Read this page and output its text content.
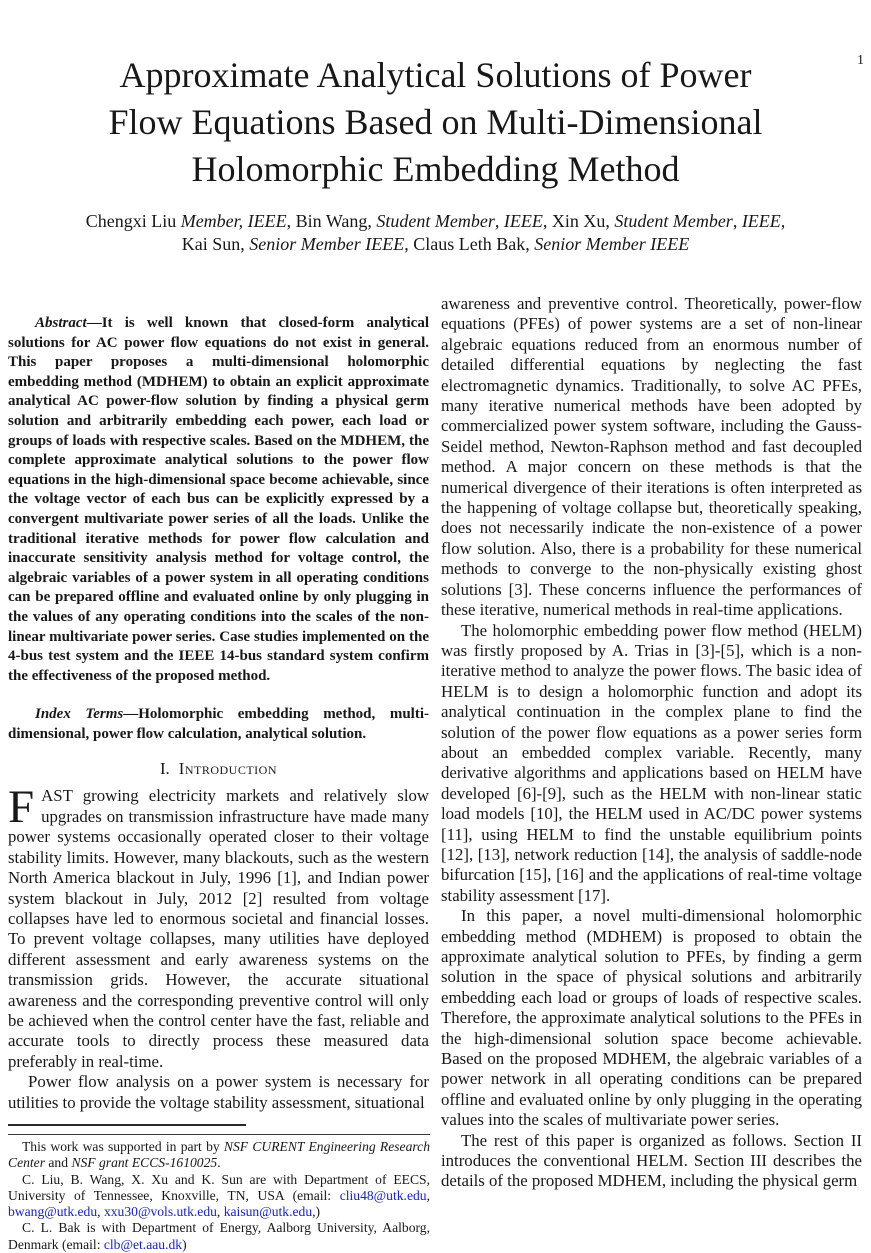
1
Approximate Analytical Solutions of Power
Flow Equations Based on Multi-Dimensional
Holomorphic Embedding Method
Chengxi Liu Member, IEEE, Bin Wang, Student Member, IEEE, Xin Xu, Student Member, IEEE,
Kai Sun, Senior Member IEEE, Claus Leth Bak, Senior Member IEEE

Abstract—It is well known that closed-form analytical solutions for AC power flow equations do not exist in general. This paper proposes a multi-dimensional holomorphic embedding method (MDHEM) to obtain an explicit approximate analytical AC power-flow solution by finding a physical germ solution and arbitrarily embedding each power, each load or groups of loads with respective scales. Based on the MDHEM, the complete approximate analytical solutions to the power flow equations in the high-dimensional space become achievable, since the voltage vector of each bus can be explicitly expressed by a convergent multivariate power series of all the loads. Unlike the traditional iterative methods for power flow calculation and inaccurate sensitivity analysis method for voltage control, the algebraic variables of a power system in all operating conditions can be prepared offline and evaluated online by only plugging in the values of any operating conditions into the scales of the non-linear multivariate power series. Case studies implemented on the 4-bus test system and the IEEE 14-bus standard system confirm the effectiveness of the proposed method.

Index Terms—Holomorphic embedding method, multi-dimensional, power flow calculation, analytical solution.

I. Introduction

FAST growing electricity markets and relatively slow upgrades on transmission infrastructure have made many power systems occasionally operated closer to their voltage stability limits. However, many blackouts, such as the western North America blackout in July, 1996 [1], and Indian power system blackout in July, 2012 [2] resulted from voltage collapses have led to enormous societal and financial losses. To prevent voltage collapses, many utilities have deployed different assessment and early awareness systems on the transmission grids. However, the accurate situational awareness and the corresponding preventive control will only be achieved when the control center have the fast, reliable and accurate tools to directly process these measured data preferably in real-time.

Power flow analysis on a power system is necessary for utilities to provide the voltage stability assessment, situational

awareness and preventive control. Theoretically, power-flow equations (PFEs) of power systems are a set of non-linear algebraic equations reduced from an enormous number of detailed differential equations by neglecting the fast electromagnetic dynamics. Traditionally, to solve AC PFEs, many iterative numerical methods have been adopted by commercialized power system software, including the Gauss-Seidel method, Newton-Raphson method and fast decoupled method. A major concern on these methods is that the numerical divergence of their iterations is often interpreted as the happening of voltage collapse but, theoretically speaking, does not necessarily indicate the non-existence of a power flow solution. Also, there is a probability for these numerical methods to converge to the non-physically existing ghost solutions [3]. These concerns influence the performances of these iterative, numerical methods in real-time applications.

The holomorphic embedding power flow method (HELM) was firstly proposed by A. Trias in [3]-[5], which is a non-iterative method to analyze the power flows. The basic idea of HELM is to design a holomorphic function and adopt its analytical continuation in the complex plane to find the solution of the power flow equations as a power series form about an embedded complex variable. Recently, many derivative algorithms and applications based on HELM have developed [6]-[9], such as the HELM with non-linear static load models [10], the HELM used in AC/DC power systems [11], using HELM to find the unstable equilibrium points [12], [13], network reduction [14], the analysis of saddle-node bifurcation [15], [16] and the applications of real-time voltage stability assessment [17].

In this paper, a novel multi-dimensional holomorphic embedding method (MDHEM) is proposed to obtain the approximate analytical solution to PFEs, by finding a germ solution in the space of physical solutions and arbitrarily embedding each load or groups of loads of respective scales. Therefore, the approximate analytical solutions to the PFEs in the high-dimensional solution space become achievable. Based on the proposed MDHEM, the algebraic variables of a power network in all operating conditions can be prepared offline and evaluated online by only plugging in the operating values into the scales of multivariate power series.

The rest of this paper is organized as follows. Section II introduces the conventional HELM. Section III describes the details of the proposed MDHEM, including the physical germ

This work was supported in part by NSF CURENT Engineering Research Center and NSF grant ECCS-1610025.

C. Liu, B. Wang, X. Xu and K. Sun are with Department of EECS, University of Tennessee, Knoxville, TN, USA (email: cliu48@utk.edu, bwang@utk.edu, xxu30@vols.utk.edu, kaisun@utk.edu,)

C. L. Bak is with Department of Energy, Aalborg University, Aalborg, Denmark (email: clb@et.aau.dk)
